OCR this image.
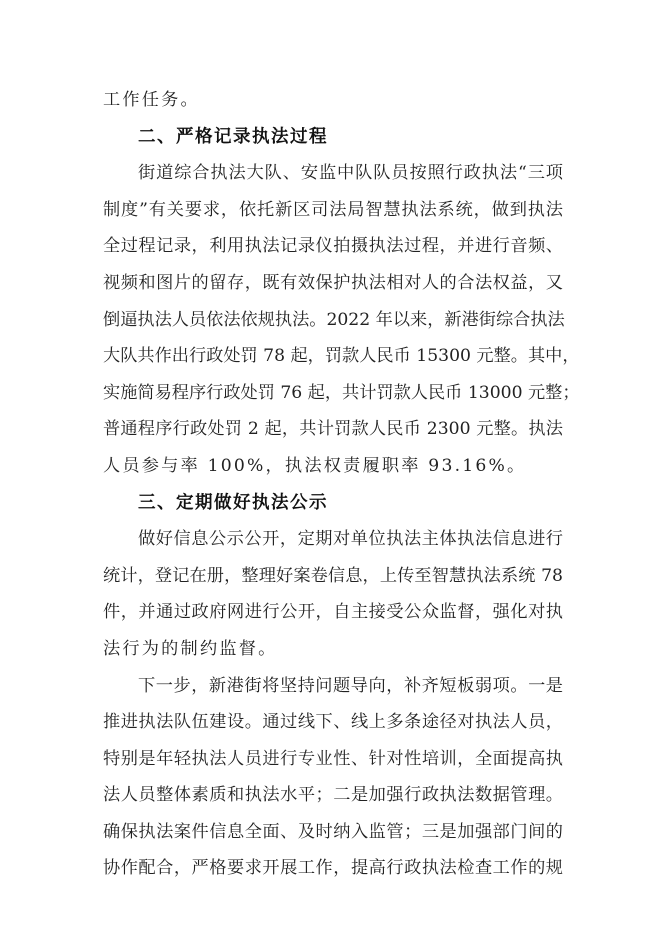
工作任务。
二、严格记录执法过程
街道综合执法大队、安监中队队员按照行政执法“三项
制度”有关要求，依托新区司法局智慧执法系统，做到执法
全过程记录，利用执法记录仪拍摄执法过程，并进行音频、
视频和图片的留存，既有效保护执法相对人的合法权益，又
倒逼执法人员依法依规执法。2022 年以来，新港街综合执法
大队共作出行政处罚 78 起，罚款人民币 15300 元整。其中，
实施简易程序行政处罚 76 起，共计罚款人民币 13000 元整；
普通程序行政处罚 2 起，共计罚款人民币 2300 元整。执法
人员参与率 100%，执法权责履职率 93.16%。
三、定期做好执法公示
做好信息公示公开，定期对单位执法主体执法信息进行
统计，登记在册，整理好案卷信息，上传至智慧执法系统 78
件，并通过政府网进行公开，自主接受公众监督，强化对执
法行为的制约监督。
下一步，新港街将坚持问题导向，补齐短板弱项。一是
推进执法队伍建设。通过线下、线上多条途径对执法人员，
特别是年轻执法人员进行专业性、针对性培训，全面提高执
法人员整体素质和执法水平；二是加强行政执法数据管理。
确保执法案件信息全面、及时纳入监管；三是加强部门间的
协作配合，严格要求开展工作，提高行政执法检查工作的规
